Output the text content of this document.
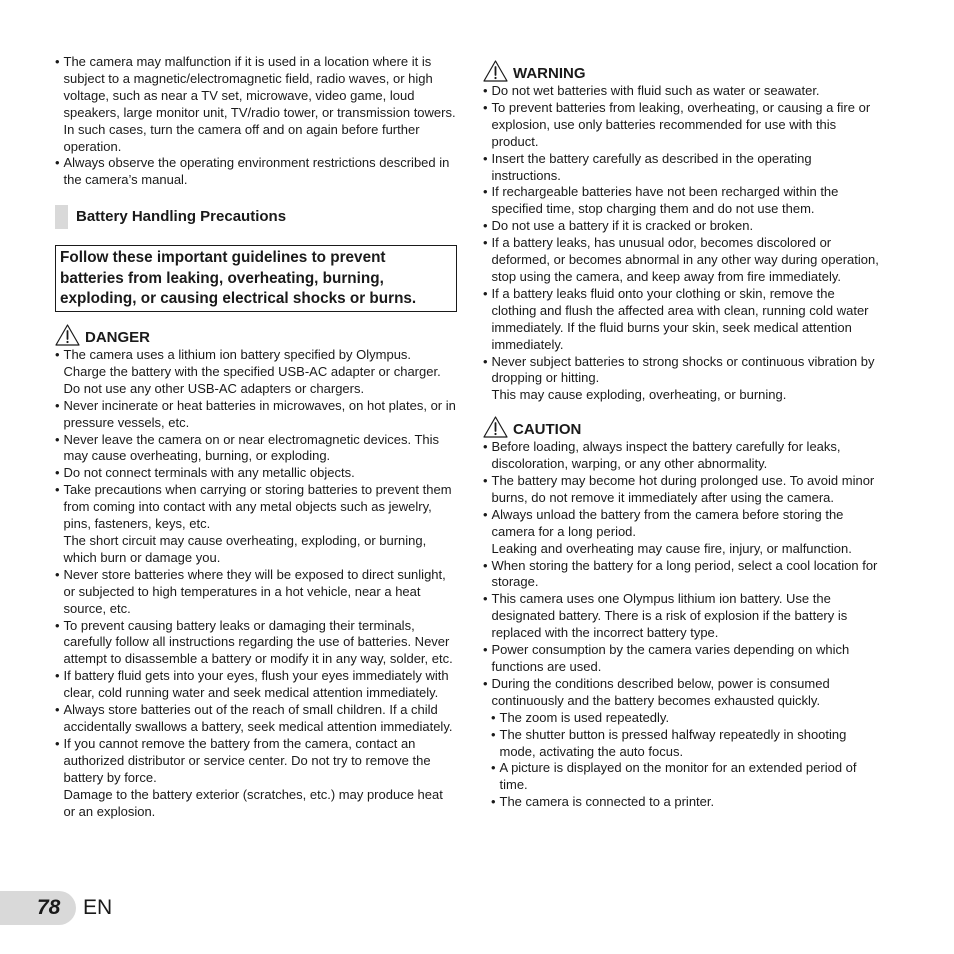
• The camera may malfunction if it is used in a location where it is subject to a magnetic/electromagnetic field, radio waves, or high voltage, such as near a TV set, microwave, video game, loud speakers, large monitor unit, TV/radio tower, or transmission towers. In such cases, turn the camera off and on again before further operation.
• Always observe the operating environment restrictions described in the camera’s manual.
Battery Handling Precautions
Follow these important guidelines to prevent batteries from leaking, overheating, burning, exploding, or causing electrical shocks or burns.
DANGER
• The camera uses a lithium ion battery specified by Olympus. Charge the battery with the specified USB-AC adapter or charger. Do not use any other USB-AC adapters or chargers.
• Never incinerate or heat batteries in microwaves, on hot plates, or in pressure vessels, etc.
• Never leave the camera on or near electromagnetic devices. This may cause overheating, burning, or exploding.
• Do not connect terminals with any metallic objects.
• Take precautions when carrying or storing batteries to prevent them from coming into contact with any metal objects such as jewelry, pins, fasteners, keys, etc.
The short circuit may cause overheating, exploding, or burning, which burn or damage you.
• Never store batteries where they will be exposed to direct sunlight, or subjected to high temperatures in a hot vehicle, near a heat source, etc.
• To prevent causing battery leaks or damaging their terminals, carefully follow all instructions regarding the use of batteries. Never attempt to disassemble a battery or modify it in any way, solder, etc.
• If battery fluid gets into your eyes, flush your eyes immediately with clear, cold running water and seek medical attention immediately.
• Always store batteries out of the reach of small children. If a child accidentally swallows a battery, seek medical attention immediately.
• If you cannot remove the battery from the camera, contact an authorized distributor or service center. Do not try to remove the battery by force.
Damage to the battery exterior (scratches, etc.) may produce heat or an explosion.
WARNING
• Do not wet batteries with fluid such as water or seawater.
• To prevent batteries from leaking, overheating, or causing a fire or explosion, use only batteries recommended for use with this product.
• Insert the battery carefully as described in the operating instructions.
• If rechargeable batteries have not been recharged within the specified time, stop charging them and do not use them.
• Do not use a battery if it is cracked or broken.
• If a battery leaks, has unusual odor, becomes discolored or deformed, or becomes abnormal in any other way during operation, stop using the camera, and keep away from fire immediately.
• If a battery leaks fluid onto your clothing or skin, remove the clothing and flush the affected area with clean, running cold water immediately. If the fluid burns your skin, seek medical attention immediately.
• Never subject batteries to strong shocks or continuous vibration by dropping or hitting.
This may cause exploding, overheating, or burning.
CAUTION
• Before loading, always inspect the battery carefully for leaks, discoloration, warping, or any other abnormality.
• The battery may become hot during prolonged use. To avoid minor burns, do not remove it immediately after using the camera.
• Always unload the battery from the camera before storing the camera for a long period.
Leaking and overheating may cause fire, injury, or malfunction.
• When storing the battery for a long period, select a cool location for storage.
• This camera uses one Olympus lithium ion battery. Use the designated battery. There is a risk of explosion if the battery is replaced with the incorrect battery type.
• Power consumption by the camera varies depending on which functions are used.
• During the conditions described below, power is consumed continuously and the battery becomes exhausted quickly.
• The zoom is used repeatedly.
• The shutter button is pressed halfway repeatedly in shooting mode, activating the auto focus.
• A picture is displayed on the monitor for an extended period of time.
• The camera is connected to a printer.
78 EN
